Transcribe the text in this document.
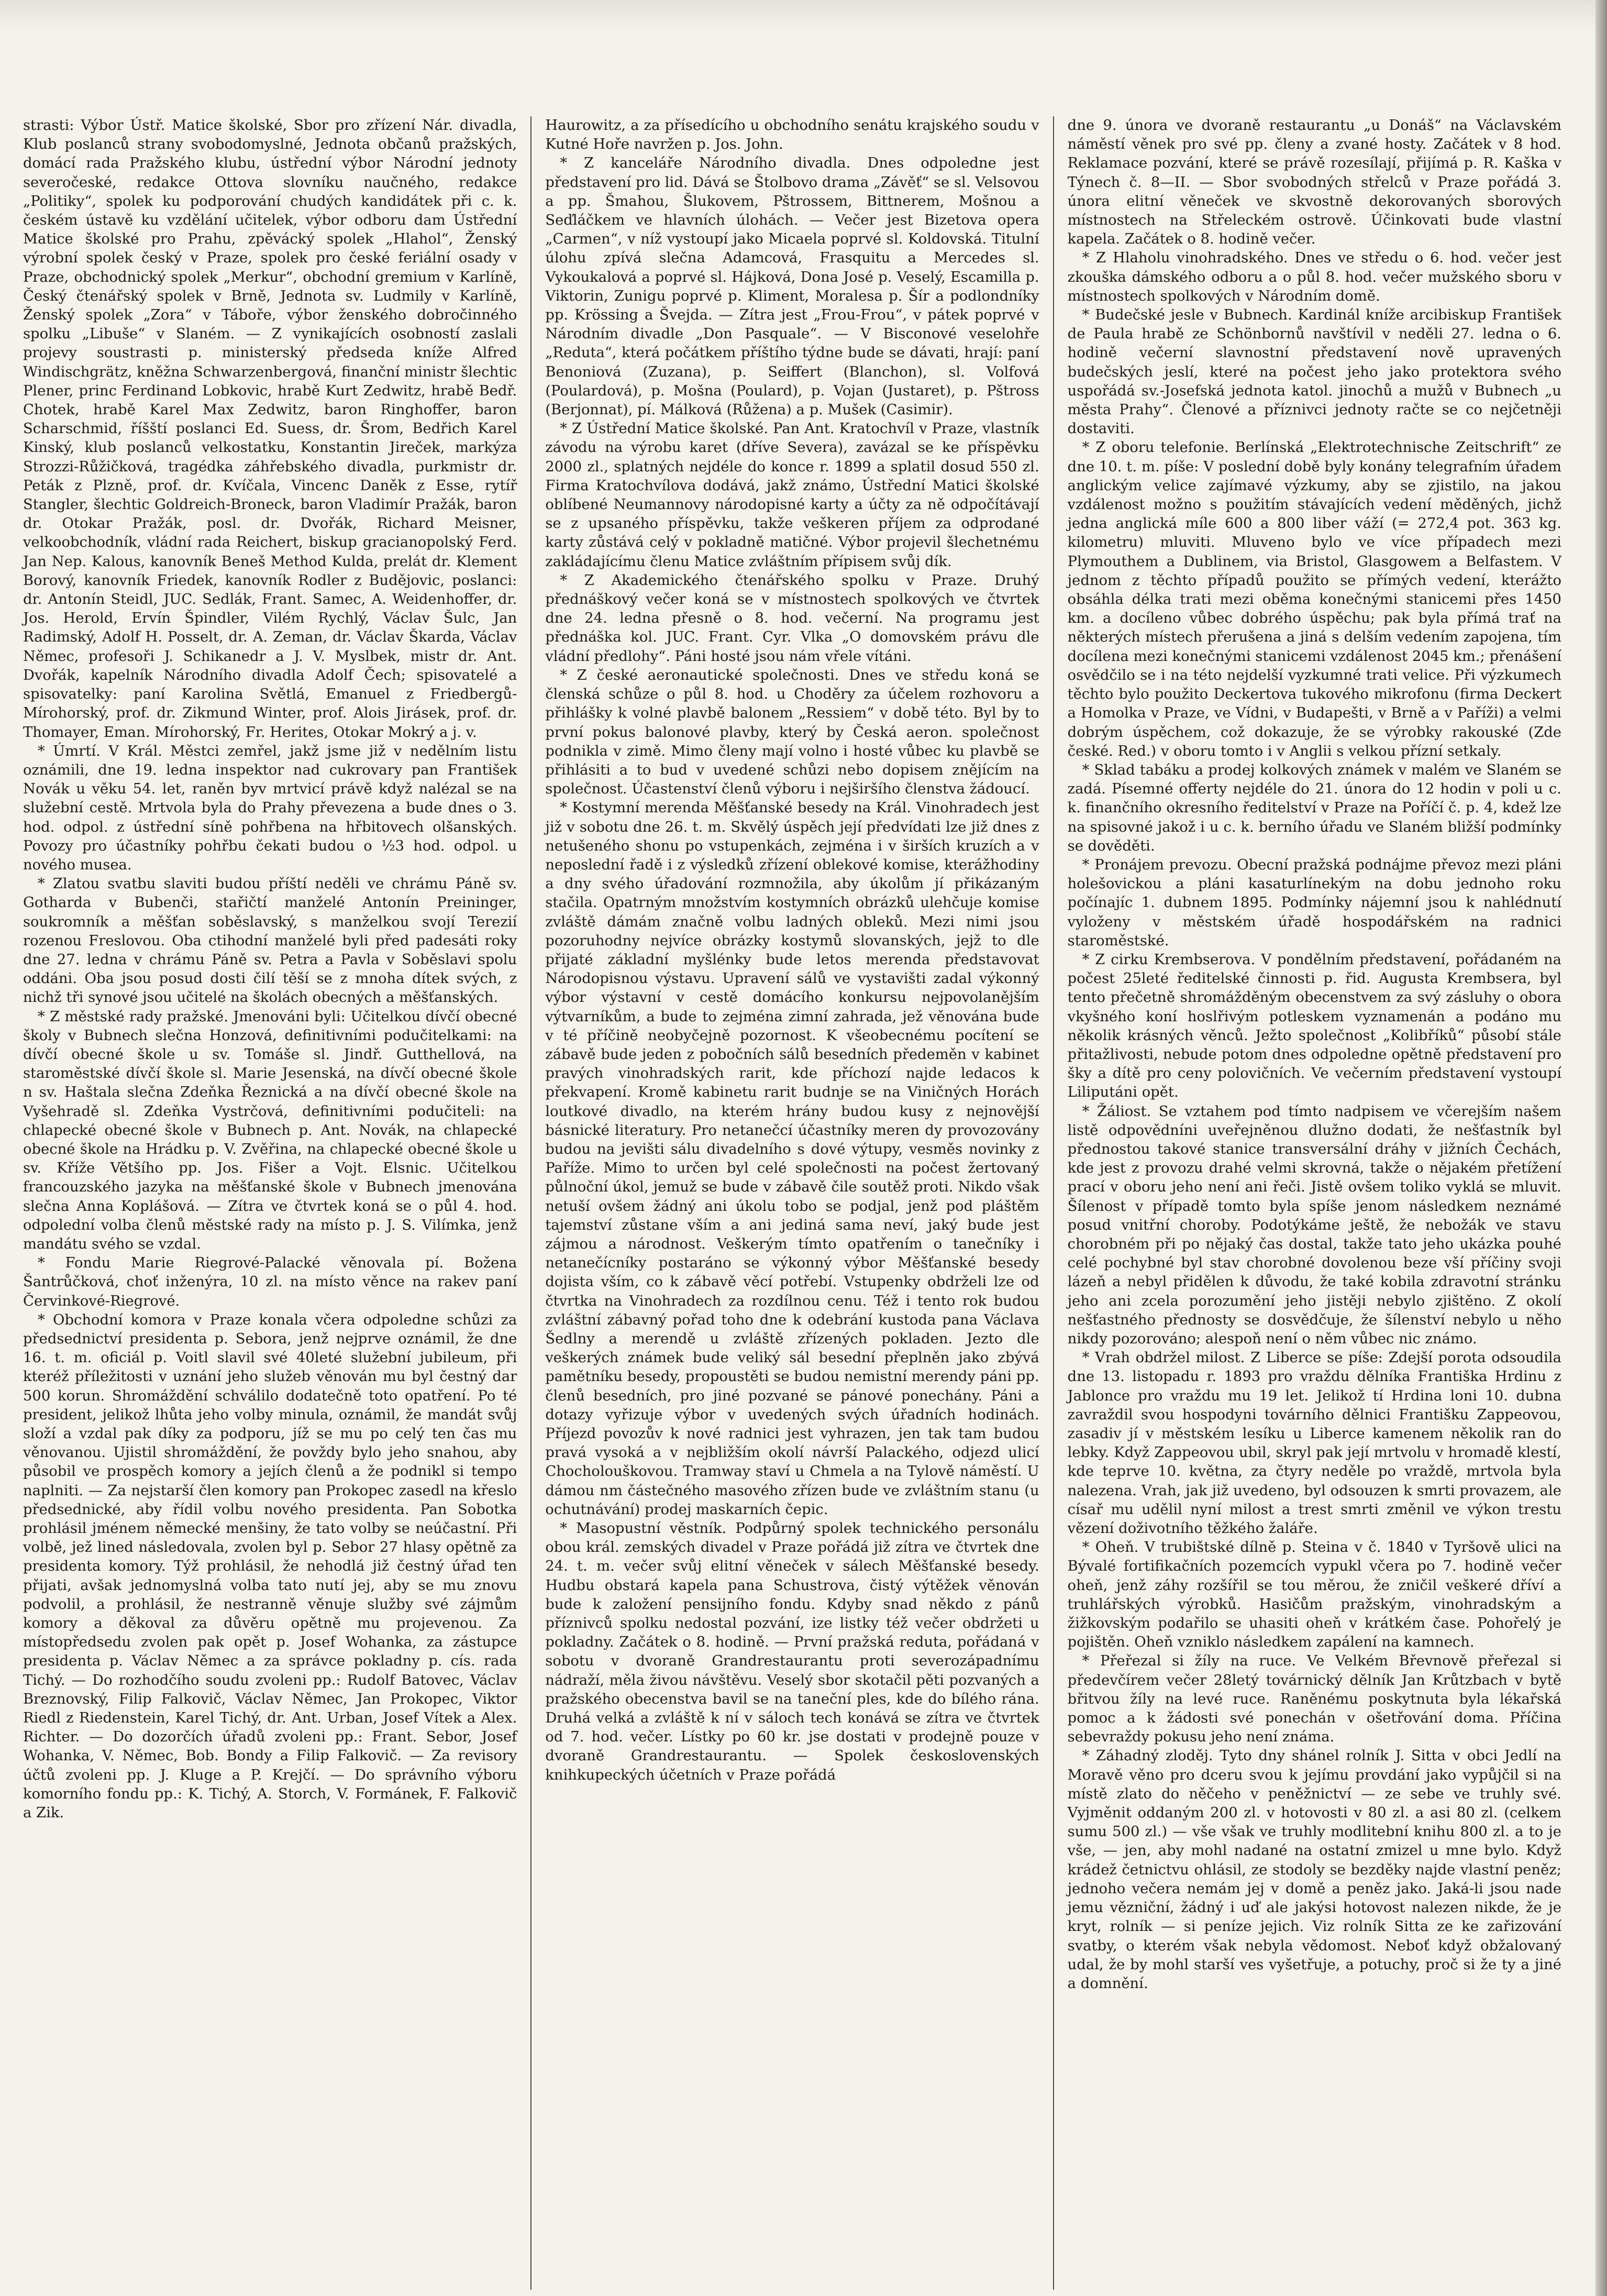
strasti: Výbor Ústř. Matice školské, Sbor pro zřízení Nár. divadla, Klub poslanců strany svobodomyslné, Jednota občanů pražských, domácí rada Pražského klubu, ústřední výbor Národní jednoty severočeské, redakce Ottova slovníku naučného, redakce „Politiky“, spolek ku podporování chudých kandidátek při c. k. českém ústavě ku vzdělání učitelek, výbor odboru dam Ústřední Matice školské pro Prahu, zpěvácký spolek „Hlahol“, Ženský výrobní spolek český v Praze, spolek pro české feriální osady v Praze, obchodnický spolek „Merkur“, obchodní gremium v Karlíně, Český čtenářský spolek v Brně, Jednota sv. Ludmily v Karlíně, Ženský spolek „Zora“ v Táboře, výbor ženského dobročinného spolku „Libuše“ v Slaném. — Z vynikajících osobností zaslali projevy soustrasti p. ministerský předseda kníže Alfred Windischgrätz, kněžna Schwarzenbergová, finanční ministr šlechtic Plener, princ Ferdinand Lobkovic, hrabě Kurt Zedwitz, hrabě Bedř. Chotek, hrabě Karel Max Zedwitz, baron Ringhoffer, baron Scharschmid, říšští poslanci Ed. Suess, dr. Šrom, Bedřich Karel Kinský, klub poslanců velkostatku, Konstantin Jireček, markýza Strozzi-Růžičková, tragédka záhřebského divadla, purkmistr dr. Peták z Plzně, prof. dr. Kvíčala, Vincenc Daněk z Esse, rytíř Stangler, šlechtic Goldreich-Broneck, baron Vladimír Pražák, baron dr. Otokar Pražák, posl. dr. Dvořák, Richard Meisner, velkoobchodník, vládní rada Reichert, biskup gracianopolský Ferd. Jan Nep. Kalous, kanovník Beneš Method Kulda, prelát dr. Klement Borový, kanovník Friedek, kanovník Rodler z Budějovic, poslanci: dr. Antonín Steidl, JUC. Sedlák, Frant. Samec, A. Weidenhoffer, dr. Jos. Herold, Ervín Špindler, Vilém Rychlý, Václav Šulc, Jan Radimský, Adolf H. Posselt, dr. A. Zeman, dr. Václav Škarda, Václav Němec, profesoři J. Schikanedr a J. V. Myslbek, mistr dr. Ant. Dvořák, kapelník Národního divadla Adolf Čech; spisovatelé a spisovatelky: paní Karolina Světlá, Emanuel z Friedbergů-Mírohorský, prof. dr. Zikmund Winter, prof. Alois Jirásek, prof. dr. Thomayer, Eman. Mírohorský, Fr. Herites, Otokar Mokrý a j. v.

* Úmrtí. V Král. Městci zemřel, jakž jsme již v nedělním listu oznámili, dne 19. ledna inspektor nad cukrovary pan František Novák u věku 54. let, raněn byv mrtvicí právě když nalézal se na služební cestě. Mrtvola byla do Prahy převezena a bude dnes o 3. hod. odpol. z ústřední síně pohřbena na hřbitovech olšanských. Povozy pro účastníky pohřbu čekati budou o ½3 hod. odpol. u nového musea.

* Zlatou svatbu slaviti budou příští neděli ve chrámu Páně sv. Gotharda v Bubenči, stařičtí manželé Antonín Preininger, soukromník a měšťan soběslavský, s manželkou svojí Terezií rozenou Freslovou. Oba ctihodní manželé byli před padesáti roky dne 27. ledna v chrámu Páně sv. Petra a Pavla v Soběslavi spolu oddáni. Oba jsou posud dosti čilí těší se z mnoha dítek svých, z nichž tři synové jsou učitelé na školách obecných a měšťanských.

* Z městské rady pražské. Jmenováni byli: Učitelkou dívčí obecné školy v Bubnech slečna Honzová, definitivními podučitelkami: na dívčí obecné škole u sv. Tomáše sl. Jindř. Gutthellová, na staroměstské dívčí škole sl. Marie Jesenská, na dívčí obecné škole n sv. Haštala slečna Zdeňka Řeznická a na dívčí obecné škole na Vyšehradě sl. Zdeňka Vystrčová, definitivními podučiteli: na chlapecké obecné škole v Bubnech p. Ant. Novák, na chlapecké obecné škole na Hrádku p. V. Zvěřina, na chlapecké obecné škole u sv. Kříže Většího pp. Jos. Fišer a Vojt. Elsnic. Učitelkou francouzského jazyka na měšťanské škole v Bubnech jmenována slečna Anna Koplášová. — Zítra ve čtvrtek koná se o půl 4. hod. odpolední volba členů městské rady na místo p. J. S. Vilímka, jenž mandátu svého se vzdal.

* Fondu Marie Riegrové-Palacké věnovala pí. Božena Šantrůčková, choť inženýra, 10 zl. na místo věnce na rakev paní Červinkové-Riegrové.

* Obchodní komora v Praze konala včera odpoledne schůzi za předsednictví presidenta p. Sebora, jenž nejprve oznámil, že dne 16. t. m. oficiál p. Voitl slavil své 40leté služební jubileum, při kteréž příležitosti v uznání jeho služeb věnován mu byl čestný dar 500 korun. Shromáždění schválilo dodatečně toto opatření. Po té president, jelikož lhůta jeho volby minula, oznámil, že mandát svůj složí a vzdal pak díky za podporu, jíž se mu po celý ten čas mu věnovanou. Ujistil shromáždění, že povždy bylo jeho snahou, aby působil ve prospěch komory a jejích členů a že podnikl si tempo naplniti. — Za nejstarší člen komory pan Prokopec zasedl na křeslo předsednické, aby řídil volbu nového presidenta. Pan Sobotka prohlásil jménem německé menšiny, že tato volby se neúčastní. Při volbě, jež lined následovala, zvolen byl p. Sebor 27 hlasy opětně za presidenta komory. Týž prohlásil, že nehodlá již čestný úřad ten přijati, avšak jednomyslná volba tato nutí jej, aby se mu znovu podvolil, a prohlásil, že nestranně věnuje služby své zájmům komory a děkoval za důvěru opětně mu projevenou. Za místopředsedu zvolen pak opět p. Josef Wohanka, za zástupce presidenta p. Václav Němec a za správce pokladny p. cís. rada Tichý. — Do rozhodčího soudu zvoleni pp.: Rudolf Batovec, Václav Breznovský, Filip Falkovič, Václav Němec, Jan Prokopec, Viktor Riedl z Riedenstein, Karel Tichý, dr. Ant. Urban, Josef Vítek a Alex. Richter. — Do dozorčích úřadů zvoleni pp.: Frant. Sebor, Josef Wohanka, V. Němec, Bob. Bondy a Filip Falkovič. — Za revisory účtů zvoleni pp. J. Kluge a P. Krejčí. — Do správního výboru komorního fondu pp.: K. Tichý, A. Storch, V. Formánek, F. Falkovič a Zik.

Haurowitz, a za přísedícího u obchodního senátu krajského soudu v Kutné Hoře navržen p. Jos. John.

* Z kanceláře Národního divadla. Dnes odpoledne jest představení pro lid. Dává se Štolbovo drama „Závěť“ se sl. Velsovou a pp. Šmahou, Šlukovem, Pštrossem, Bittnerem, Mošnou a Seďláčkem ve hlavních úlohách. — Večer jest Bizetova opera „Carmen“, v níž vystoupí jako Micaela poprvé sl. Koldovská. Titulní úlohu zpívá slečna Adamcová, Frasquitu a Mercedes sl. Vykoukalová a poprvé sl. Hájková, Dona José p. Veselý, Escamilla p. Viktorin, Zunigu poprvé p. Kliment, Moralesa p. Šír a podlondníky pp. Krössing a Švejda. — Zítra jest „Frou-Frou“, v pátek poprvé v Národním divadle „Don Pasquale“. — V Bisconové veselohře „Reduta“, která počátkem příštího týdne bude se dávati, hrají: paní Benoniová (Zuzana), p. Seiffert (Blanchon), sl. Volfová (Poulardová), p. Mošna (Poulard), p. Vojan (Justaret), p. Pštross (Berjonnat), pí. Málková (Růžena) a p. Mušek (Casimir).

* Z Ústřední Matice školské. Pan Ant. Kratochvíl v Praze, vlastník závodu na výrobu karet (dříve Severa), zavázal se ke příspěvku 2000 zl., splatných nejdéle do konce r. 1899 a splatil dosud 550 zl. Firma Kratochvílova dodává, jakž známo, Ústřední Matici školské oblíbené Neumannovy národopisné karty a účty za ně odpočítávají se z upsaného příspěvku, takže veškeren příjem za odprodané karty zůstává celý v pokladně matičné. Výbor projevil šlechetnému zakládajícímu členu Matice zvláštním přípisem svůj dík.

* Z Akademického čtenářského spolku v Praze. Druhý přednáškový večer koná se v místnostech spolkových ve čtvrtek dne 24. ledna přesně o 8. hod. večerní. Na programu jest přednáška kol. JUC. Frant. Cyr. Vlka „O domovském právu dle vládní předlohy“. Páni hosté jsou nám vřele vítáni.

* Z české aeronautické společnosti. Dnes ve středu koná se členská schůze o půl 8. hod. u Choděry za účelem rozhovoru a přihlášky k volné plavbě balonem „Ressiem“ v době této. Byl by to první pokus balonové plavby, který by Česká aeron. společnost podnikla v zimě. Mimo členy mají volno i hosté vůbec ku plavbě se přihlásiti a to bud v uvedené schůzi nebo dopisem znějícím na společnost. Účastenství členů výboru i nejširšího členstva žádoucí.

* Kostymní merenda Měšťanské besedy na Král. Vinohradech jest již v sobotu dne 26. t. m. Skvělý úspěch její předvídati lze již dnes z netušeného shonu po vstupenkách, zejména i v širších kruzích a v neposlední řadě i z výsledků zřízení oblekové komise, kterážhodiny a dny svého úřadování rozmnožila, aby úkolům jí přikázaným stačila. Opatrným množstvím kostymních obrázků ulehčuje komise zvláště dámám značně volbu ladných obleků. Mezi nimi jsou pozoruhodny nejvíce obrázky kostymů slovanských, jejž to dle přijaté základní myšlénky bude letos merenda představovat Národopisnou výstavu. Upravení sálů ve vystavišti zadal výkonný výbor výstavní v cestě domácího konkursu nejpovolanějším výtvarníkům, a bude to zejména zimní zahrada, jež věnována bude v té příčině neobyčejně pozornost. K všeobecnému pocítení se zábavě bude jeden z pobočních sálů besedních předeměn v kabinet pravých vinohradských rarit, kde příchozí najde ledacos k překvapení. Kromě kabinetu rarit budnje se na Viničných Horách loutkové divadlo, na kterém hrány budou kusy z nejnovější básnické literatury. Pro netanečcí účastníky meren dy provozovány budou na jevišti sálu divadelního s dové výtupy, vesměs novinky z Paříže. Mimo to určen byl celé společnosti na počest žertovaný půlnoční úkol, jemuž se bude v zábavě čile soutěž proti. Nikdo však netuší ovšem žádný ani úkolu tobo se podjal, jenž pod pláštěm tajemství zůstane vším a ani jediná sama neví, jaký bude jest zájmou a národnost. Veškerým tímto opatřením o tanečníky i netanečícníky postaráno se výkonný výbor Měšťanské besedy dojista vším, co k zábavě věcí potřebí. Vstupenky obdrželi lze od čtvrtka na Vinohradech za rozdílnou cenu. Též i tento rok budou zvláštní zábavný pořad toho dne k odebrání kustoda pana Václava Šedlny a merendě u zvláště zřízených pokladen. Jezto dle veškerých známek bude veliký sál besední přeplněn jako zbývá pamětníku besedy, propoustěti se budou nemistní merendy páni pp. členů besedních, pro jiné pozvané se pánové ponechány. Páni a dotazy vyřizuje výbor v uvedených svých úřadních hodinách. Příjezd povozův k nové radnici jest vyhrazen, jen tak tam budou pravá vysoká a v nejbližším okolí návrší Palackého, odjezd ulicí Chocholouškovou. Tramway staví u Chmela a na Tylově náměstí. U dámou nm částečného masového zřízen bude ve zvláštním stanu (u ochutnávání) prodej maskarních čepic.

* Masopustní věstník. Podpůrný spolek technického personálu obou král. zemských divadel v Praze pořádá již zítra ve čtvrtek dne 24. t. m. večer svůj elitní věneček v sálech Měšťanské besedy. Hudbu obstará kapela pana Schustrova, čistý výtěžek věnován bude k založení pensijního fondu. Kdyby snad někdo z pánů příznivců spolku nedostal pozvání, ize listky též večer obdržeti u pokladny. Začátek o 8. hodině. — První pražská reduta, pořádaná v sobotu v dvoraně Grandrestaurantu proti severozápadnímu nádraží, měla živou návštěvu. Veselý sbor skotačil pěti pozvaných a pražského obecenstva bavil se na taneční ples, kde do bílého rána. Druhá velká a zvláště k ní v sáloch tech konává se zítra ve čtvrtek od 7. hod. večer. Lístky po 60 kr. jse dostati v prodejně pouze v dvoraně Grandrestaurantu. — Spolek československých knihkupeckých účetních v Praze pořádá

dne 9. února ve dvoraně restaurantu „u Donáš“ na Václavském náměstí věnek pro své pp. členy a zvané hosty. Začátek v 8 hod. Reklamace pozvání, které se právě rozesílají, přijímá p. R. Kaška v Týnech č. 8—II. — Sbor svobodných střelců v Praze pořádá 3. února elitní věneček ve skvostně dekorovaných sborových místnostech na Střeleckém ostrově. Účinkovati bude vlastní kapela. Začátek o 8. hodině večer.

* Z Hlaholu vinohradského. Dnes ve středu o 6. hod. večer jest zkouška dámského odboru a o půl 8. hod. večer mužského sboru v místnostech spolkových v Národním domě.

* Budečské jesle v Bubnech. Kardinál kníže arcibiskup František de Paula hrabě ze Schönbornů navštívil v neděli 27. ledna o 6. hodině večerní slavnostní představení nově upravených budečských jeslí, které na počest jeho jako protektora svého uspořádá sv.-Josefská jednota katol. jinochů a mužů v Bubnech „u města Prahy“. Členové a příznivci jednoty račte se co nejčetněji dostaviti.

* Z oboru telefonie. Berlínská „Elektrotechnische Zeitschrift“ ze dne 10. t. m. píše: V poslední době byly konány telegrafním úřadem anglickým velice zajímavé výzkumy, aby se zjistilo, na jakou vzdálenost možno s použitím stávajících vedení měděných, jichž jedna anglická míle 600 a 800 liber váží (= 272,4 pot. 363 kg. kilometru) mluviti. Mluveno bylo ve více případech mezi Plymouthem a Dublinem, via Bristol, Glasgowem a Belfastem. V jednom z těchto případů použito se přímých vedení, kterážto obsáhla délka trati mezi oběma konečnými stanicemi přes 1450 km. a docíleno vůbec dobrého úspěchu; pak byla přímá trať na některých místech přerušena a jiná s delším vedením zapojena, tím docílena mezi konečnými stanicemi vzdálenost 2045 km.; přenášení osvědčilo se i na této nejdelší vyzkumné trati velice. Při výzkumech těchto bylo použito Deckertova tukového mikrofonu (firma Deckert a Homolka v Praze, ve Vídni, v Budapešti, v Brně a v Paříži) a velmi dobrým úspěchem, což dokazuje, že se výrobky rakouské (Zde české. Red.) v oboru tomto i v Anglii s velkou přízní setkaly.

* Sklad tabáku a prodej kolkových známek v malém ve Slaném se zadá. Písemné offerty nejdéle do 21. února do 12 hodin v poli u c. k. finančního okresního ředitelství v Praze na Poříčí č. p. 4, kdež lze na spisovné jakož i u c. k. berního úřadu ve Slaném bližší podmínky se dověděti.

* Pronájem prevozu. Obecní pražská podnájme převoz mezi pláni holešovickou a pláni kasaturlínekým na dobu jednoho roku počínajíc 1. dubnem 1895. Podmínky nájemní jsou k nahlédnutí vyloženy v městském úřadě hospodářském na radnici staroměstské.

* Z cirku Krembserova. V pondělním představení, pořádaném na počest 25leté ředitelské činnosti p. řid. Augusta Krembsera, byl tento přečetně shromážděným obecenstvem za svý zásluhy o obora vkyšného koní hoslřivým potleskem vyznamenán a podáno mu několik krásných věnců. Ježto společnost „Kolibříků“ působí stále přitažlivosti, nebude potom dnes odpoledne opětně představení pro šky a dítě pro ceny polovičních. Ve večerním představení vystoupí Liliputáni opět.

* Žáliost. Se vztahem pod tímto nadpisem ve včerejším našem listě odpovědníni uveřejněnou dlužno dodati, že nešťastník byl přednostou takové stanice transversální dráhy v jižních Čechách, kde jest z provozu drahé velmi skrovná, takže o nějakém přetížení prací v oboru jeho není ani řeči. Jistě ovšem toliko vyklá se mluvit. Šílenost v případě tomto byla spíše jenom následkem neznámé posud vnitřní choroby. Podotýkáme ještě, že nebožák ve stavu chorobném při po nějaký čas dostal, takže tato jeho ukázka pouhé celé pochybné byl stav chorobné dovolenou beze vší příčiny svoji lázeň a nebyl přidělen k důvodu, že také kobila zdravotní stránku jeho ani zcela porozumění jeho jistěji nebylo zjištěno. Z okolí nešťastného přednosty se dosvědčuje, že šílenství nebylo u něho nikdy pozorováno; alespoň není o něm vůbec nic známo.

* Vrah obdržel milost. Z Liberce se píše: Zdejší porota odsoudila dne 13. listopadu r. 1893 pro vraždu dělníka Františka Hrdinu z Jablonce pro vraždu mu 19 let. Jelikož tí Hrdina loni 10. dubna zavraždil svou hospodyni továrního dělnici Františku Zappeovou, zasadiv jí v městském lesíku u Liberce kamenem několik ran do lebky. Když Zappeovou ubil, skryl pak její mrtvolu v hromadě klestí, kde teprve 10. května, za čtyry neděle po vraždě, mrtvola byla nalezena. Vrah, jak již uvedeno, byl odsouzen k smrti provazem, ale císař mu udělil nyní milost a trest smrti změnil ve výkon trestu vězení doživotního těžkého žaláře.

* Oheň. V trubištské dílně p. Steina v č. 1840 v Tyršově ulici na Bývalé fortifikačních pozemcích vypukl včera po 7. hodině večer oheň, jenž záhy rozšířil se tou měrou, že zničil veškeré dříví a truhlářských výrobků. Hasičům pražským, vinohradským a žižkovským podařilo se uhasiti oheň v krátkém čase. Pohořelý je pojištěn. Oheň vzniklo následkem zapálení na kamnech.

* Přeřezal si žíly na ruce. Ve Velkém Břevnově přeřezal si předevčírem večer 28letý továrnický dělník Jan Krůtzbach v bytě břitvou žíly na levé ruce. Raněnému poskytnuta byla lékařská pomoc a k žádosti své ponechán v ošetřování doma. Příčina sebevraždy pokusu jeho není známa.

* Záhadný zloděj. Tyto dny shánel rolník J. Sitta v obci Jedlí na Moravě věno pro dceru svou k jejímu provdání jako vypůjčil si na místě zlato do něčeho v peněžnictví — ze sebe ve truhly své. Vyjměnit oddaným 200 zl. v hotovosti v 80 zl. a asi 80 zl. (celkem sumu 500 zl.) — vše však ve truhly modlitební knihu 800 zl. a to je vše, — jen, aby mohl nadané na ostatní zmizel u mne bylo. Když krádež četnictvu ohlásil, ze stodoly se bezděky najde vlastní peněz; jednoho večera nemám jej v domě a peněz jako. Jaká-li jsou nade jemu vězniční, žádný i uď ale jakýsi hotovost nalezen nikde, že je kryt, rolník — si peníze jejich. Viz rolník Sitta ze ke zařizování svatby, o kterém však nebyla vědomost. Neboť když obžalovaný udal, že by mohl starší ves vyšetřuje, a potuchy, proč si že ty a jiné a domnění.
